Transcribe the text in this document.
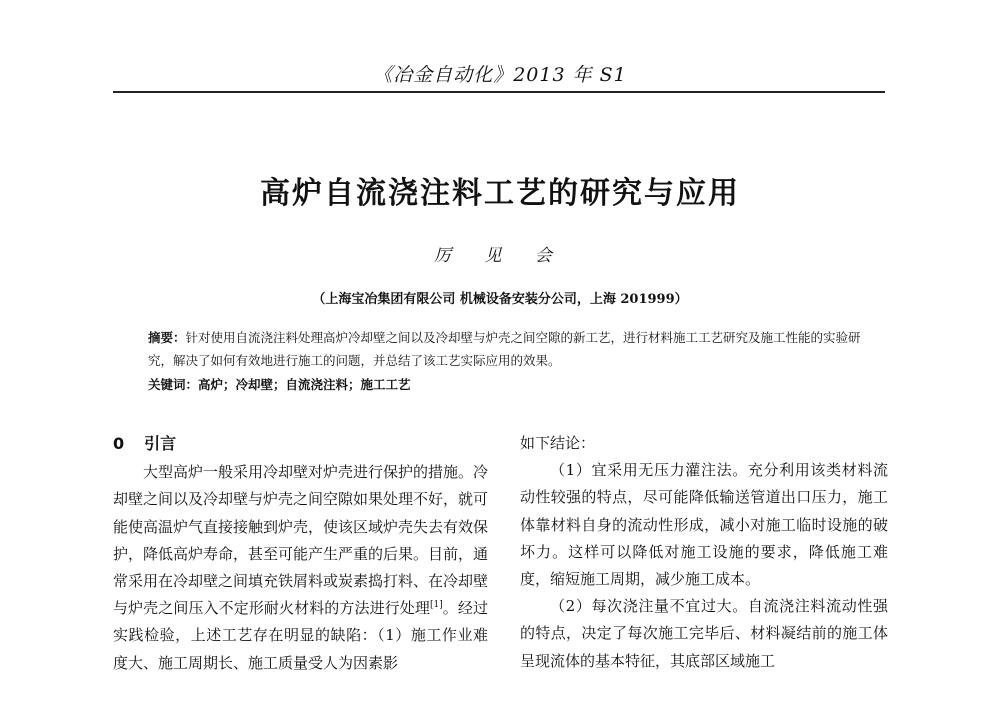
《冶金自动化》2013 年 S1
高炉自流浇注料工艺的研究与应用
厉 见 会
（上海宝冶集团有限公司 机械设备安装分公司，上海 201999）
摘要：针对使用自流浇注料处理高炉冷却壁之间以及冷却壁与炉壳之间空隙的新工艺，进行材料施工工艺研究及施工性能的实验研究，解决了如何有效地进行施工的问题，并总结了该工艺实际应用的效果。
关键词：高炉；冷却壁；自流浇注料；施工工艺
0 引言

大型高炉一般采用冷却壁对炉壳进行保护的措施。冷却壁之间以及冷却壁与炉壳之间空隙如果处理不好，就可能使高温炉气直接接触到炉壳，使该区域炉壳失去有效保护，降低高炉寿命，甚至可能产生严重的后果。目前，通常采用在冷却壁之间填充铁屑料或炭素捣打料、在冷却壁与炉壳之间压入不定形耐火材料的方法进行处理[1]。经过实践检验，上述工艺存在明显的缺陷：（1）施工作业难度大、施工周期长、施工质量受人为因素影

如下结论：

（1）宜采用无压力灌注法。充分利用该类材料流动性较强的特点，尽可能降低输送管道出口压力，施工体靠材料自身的流动性形成，减小对施工临时设施的破坏力。这样可以降低对施工设施的要求，降低施工难度，缩短施工周期，减少施工成本。

（2）每次浇注量不宜过大。自流浇注料流动性强的特点，决定了每次施工完毕后、材料凝结前的施工体呈现流体的基本特征，其底部区域施工
